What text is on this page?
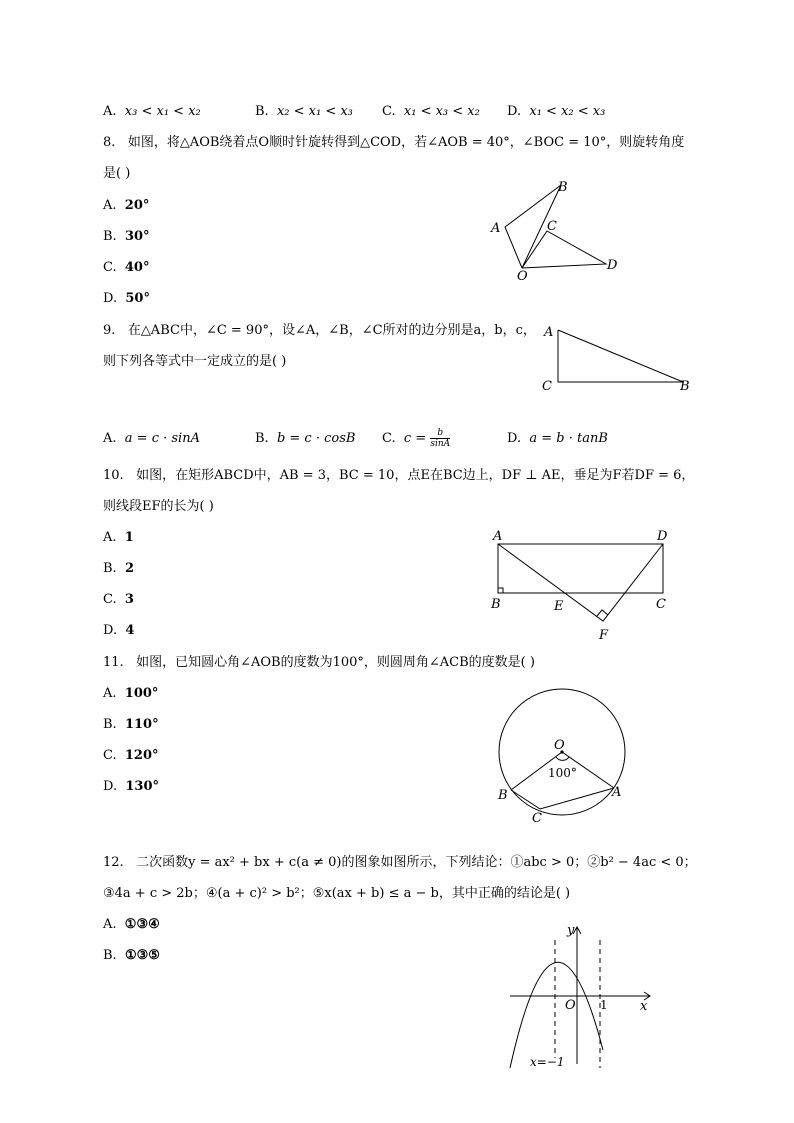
A. x₃ < x₁ < x₂	B. x₂ < x₁ < x₃ C. x₁ < x₃ < x₂ D. x₁ < x₂ < x₃
8. 如图，将△AOB绕着点O顺时针旋转得到△COD，若∠AOB = 40°，∠BOC = 10°，则旋转角度
是( )
A. 20°
B. 30°
C. 40°
D. 50°
A
B
C
D
O
9. 在△ABC中，∠C = 90°，设∠A，∠B，∠C所对的边分别是a，b，c，
则下列各等式中一定成立的是( )
A
C	B
A. a = c · sinA	B. b = c · cosB C. $c = \frac{b}{\sin A}$	D. a = b · tanB
10. 如图，在矩形ABCD中，AB = 3，BC = 10，点E在BC边上，DF ⊥ AE，垂足为F若DF = 6，
则线段EF的长为( )
A. 1
B. 2
C. 3
D. 4
A	D
B	C
E
F
11. 如图，已知圆心角∠AOB的度数为100°，则圆周角∠ACB的度数是( )
A. 100°
B. 110°
C. 120°
D. 130°
O
100°
B	A
C
12. 二次函数y = ax² + bx + c(a ≠ 0)的图象如图所示，下列结论：①abc > 0；②b² − 4ac < 0；
③4a + c > 2b；④(a + c)² > b²；⑤x(ax + b) ≤ a − b，其中正确的结论是( )
A. ①③④
B. ①③⑤
y
x
O 1
x=−1
